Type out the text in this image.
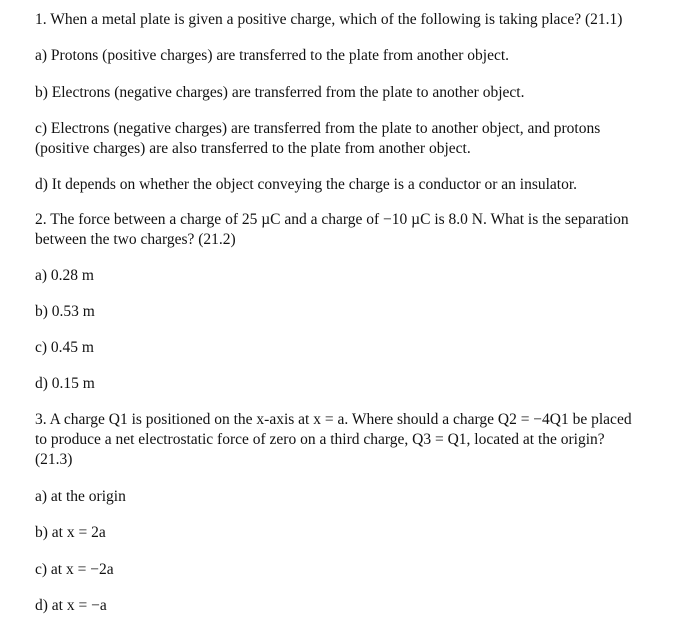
1. When a metal plate is given a positive charge, which of the following is taking place? (21.1)
a) Protons (positive charges) are transferred to the plate from another object.
b) Electrons (negative charges) are transferred from the plate to another object.
c) Electrons (negative charges) are transferred from the plate to another object, and protons
(positive charges) are also transferred to the plate from another object.
d) It depends on whether the object conveying the charge is a conductor or an insulator.
2. The force between a charge of 25 µC and a charge of −10 µC is 8.0 N. What is the separation
between the two charges? (21.2)
a) 0.28 m
b) 0.53 m
c) 0.45 m
d) 0.15 m
3. A charge Q1 is positioned on the x-axis at x = a. Where should a charge Q2 = −4Q1 be placed
to produce a net electrostatic force of zero on a third charge, Q3 = Q1, located at the origin?
(21.3)
a) at the origin
b) at x = 2a
c) at x = −2a
d) at x = −a
